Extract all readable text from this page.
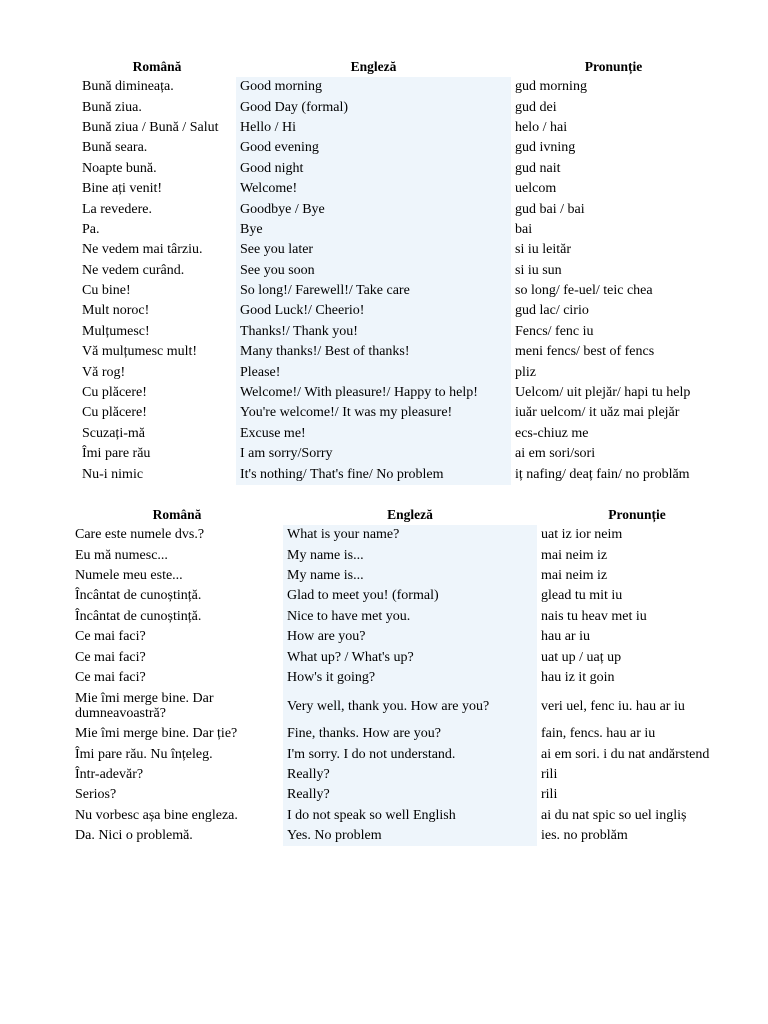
Română	Engleză	Pronunție
Bună dimineața.	Good morning	gud morning
Bună ziua.	Good Day (formal)	gud dei
Bună ziua / Bună / Salut	Hello / Hi	helo / hai
Bună seara.	Good evening	gud ivning
Noapte bună.	Good night	gud nait
Bine ați venit!	Welcome!	uelcom
La revedere.	Goodbye / Bye	gud bai / bai
Pa.	Bye	bai
Ne vedem mai târziu.	See you later	si iu leităr
Ne vedem curând.	See you soon	si iu sun
Cu bine!	So long!/ Farewell!/ Take care	so long/ fe-uel/ teic chea
Mult noroc!	Good Luck!/ Cheerio!	gud lac/ cirio
Mulțumesc!	Thanks!/ Thank you!	Fencs/ fenc iu
Vă mulțumesc mult!	Many thanks!/ Best of thanks!	meni fencs/ best of fencs
Vă rog!	Please!	pliz
Cu plăcere!	Welcome!/ With pleasure!/ Happy to help!	Uelcom/ uit plejăr/ hapi tu help
Cu plăcere!	You're welcome!/ It was my pleasure!	iuăr uelcom/ it uăz mai plejăr
Scuzați-mă	Excuse me!	ecs-chiuz me
Îmi pare rău	I am sorry/Sorry	ai em sori/sori
Nu-i nimic	It's nothing/ That's fine/ No problem	iț nafing/ deaț fain/ no problăm
Română	Engleză	Pronunție
Care este numele dvs.?	What is your name?	uat iz ior neim
Eu mă numesc...	My name is...	mai neim iz
Numele meu este...	My name is...	mai neim iz
Încântat de cunoștință.	Glad to meet you! (formal)	glead tu mit iu
Încântat de cunoștință.	Nice to have met you.	nais tu heav met iu
Ce mai faci?	How are you?	hau ar iu
Ce mai faci?	What up? / What's up?	uat up / uaț up
Ce mai faci?	How's it going?	hau iz it goin
Mie îmi merge bine. Dar dumneavoastră?	Very well, thank you. How are you?	veri uel, fenc iu. hau ar iu
Mie îmi merge bine. Dar ție?	Fine, thanks. How are you?	fain, fencs. hau ar iu
Îmi pare rău. Nu înțeleg.	I'm sorry. I do not understand.	ai em sori. i du nat andărstend
Într-adevăr?	Really?	rili
Serios?	Really?	rili
Nu vorbesc așa bine engleza.	I do not speak so well English	ai du nat spic so uel ingliș
Da. Nici o problemă.	Yes. No problem	ies. no problăm
